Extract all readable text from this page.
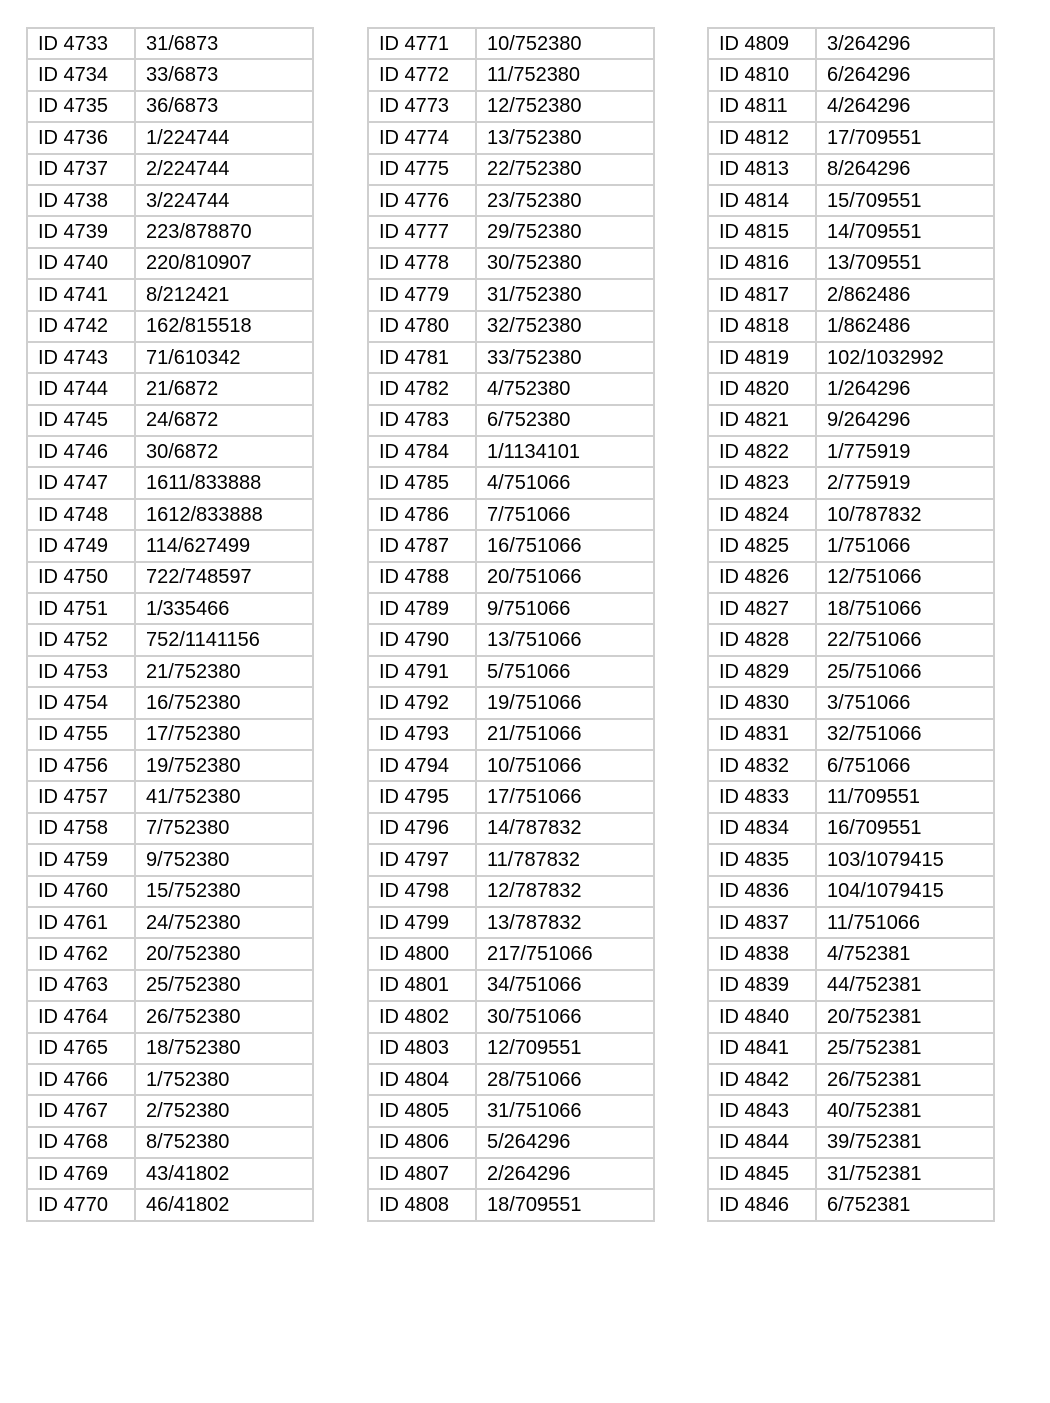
ID 4733	31/6873
ID 4734	33/6873
ID 4735	36/6873
ID 4736	1/224744
ID 4737	2/224744
ID 4738	3/224744
ID 4739	223/878870
ID 4740	220/810907
ID 4741	8/212421
ID 4742	162/815518
ID 4743	71/610342
ID 4744	21/6872
ID 4745	24/6872
ID 4746	30/6872
ID 4747	1611/833888
ID 4748	1612/833888
ID 4749	114/627499
ID 4750	722/748597
ID 4751	1/335466
ID 4752	752/1141156
ID 4753	21/752380
ID 4754	16/752380
ID 4755	17/752380
ID 4756	19/752380
ID 4757	41/752380
ID 4758	7/752380
ID 4759	9/752380
ID 4760	15/752380
ID 4761	24/752380
ID 4762	20/752380
ID 4763	25/752380
ID 4764	26/752380
ID 4765	18/752380
ID 4766	1/752380
ID 4767	2/752380
ID 4768	8/752380
ID 4769	43/41802
ID 4770	46/41802
ID 4771	10/752380
ID 4772	11/752380
ID 4773	12/752380
ID 4774	13/752380
ID 4775	22/752380
ID 4776	23/752380
ID 4777	29/752380
ID 4778	30/752380
ID 4779	31/752380
ID 4780	32/752380
ID 4781	33/752380
ID 4782	4/752380
ID 4783	6/752380
ID 4784	1/1134101
ID 4785	4/751066
ID 4786	7/751066
ID 4787	16/751066
ID 4788	20/751066
ID 4789	9/751066
ID 4790	13/751066
ID 4791	5/751066
ID 4792	19/751066
ID 4793	21/751066
ID 4794	10/751066
ID 4795	17/751066
ID 4796	14/787832
ID 4797	11/787832
ID 4798	12/787832
ID 4799	13/787832
ID 4800	217/751066
ID 4801	34/751066
ID 4802	30/751066
ID 4803	12/709551
ID 4804	28/751066
ID 4805	31/751066
ID 4806	5/264296
ID 4807	2/264296
ID 4808	18/709551
ID 4809	3/264296
ID 4810	6/264296
ID 4811	4/264296
ID 4812	17/709551
ID 4813	8/264296
ID 4814	15/709551
ID 4815	14/709551
ID 4816	13/709551
ID 4817	2/862486
ID 4818	1/862486
ID 4819	102/1032992
ID 4820	1/264296
ID 4821	9/264296
ID 4822	1/775919
ID 4823	2/775919
ID 4824	10/787832
ID 4825	1/751066
ID 4826	12/751066
ID 4827	18/751066
ID 4828	22/751066
ID 4829	25/751066
ID 4830	3/751066
ID 4831	32/751066
ID 4832	6/751066
ID 4833	11/709551
ID 4834	16/709551
ID 4835	103/1079415
ID 4836	104/1079415
ID 4837	11/751066
ID 4838	4/752381
ID 4839	44/752381
ID 4840	20/752381
ID 4841	25/752381
ID 4842	26/752381
ID 4843	40/752381
ID 4844	39/752381
ID 4845	31/752381
ID 4846	6/752381
